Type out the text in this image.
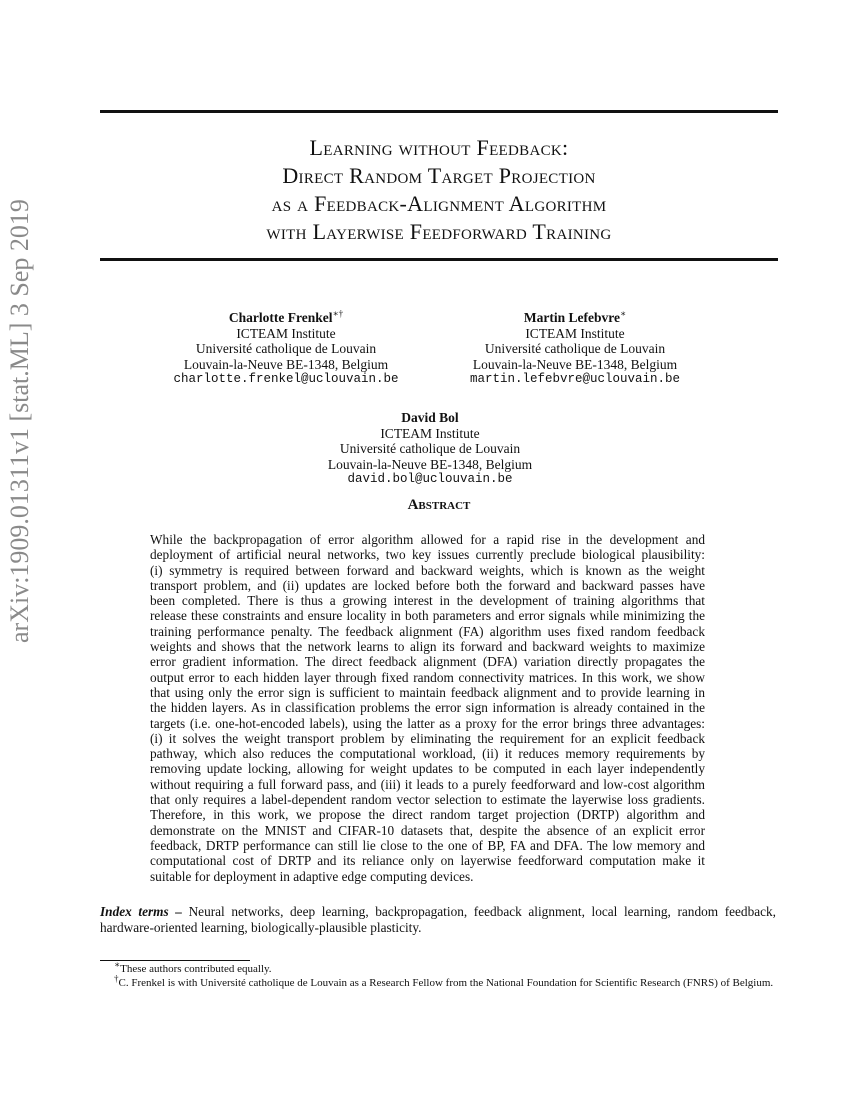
arXiv:1909.01311v1 [stat.ML] 3 Sep 2019
Learning without Feedback:
Direct Random Target Projection
as a Feedback-Alignment Algorithm
with Layerwise Feedforward Training
Charlotte Frenkel∗†
ICTEAM Institute
Université catholique de Louvain
Louvain-la-Neuve BE-1348, Belgium
charlotte.frenkel@uclouvain.be
Martin Lefebvre∗
ICTEAM Institute
Université catholique de Louvain
Louvain-la-Neuve BE-1348, Belgium
martin.lefebvre@uclouvain.be
David Bol
ICTEAM Institute
Université catholique de Louvain
Louvain-la-Neuve BE-1348, Belgium
david.bol@uclouvain.be
Abstract
While the backpropagation of error algorithm allowed for a rapid rise in the development and
deployment of artificial neural networks, two key issues currently preclude biological plausibility:
(i) symmetry is required between forward and backward weights, which is known as the weight
transport problem, and (ii) updates are locked before both the forward and backward passes have
been completed. There is thus a growing interest in the development of training algorithms that
release these constraints and ensure locality in both parameters and error signals while minimizing the
training performance penalty. The feedback alignment (FA) algorithm uses fixed random feedback
weights and shows that the network learns to align its forward and backward weights to maximize
error gradient information. The direct feedback alignment (DFA) variation directly propagates the
output error to each hidden layer through fixed random connectivity matrices. In this work, we show
that using only the error sign is sufficient to maintain feedback alignment and to provide learning in
the hidden layers. As in classification problems the error sign information is already contained in the
targets (i.e. one-hot-encoded labels), using the latter as a proxy for the error brings three advantages:
(i) it solves the weight transport problem by eliminating the requirement for an explicit feedback
pathway, which also reduces the computational workload, (ii) it reduces memory requirements by
removing update locking, allowing for weight updates to be computed in each layer independently
without requiring a full forward pass, and (iii) it leads to a purely feedforward and low-cost algorithm
that only requires a label-dependent random vector selection to estimate the layerwise loss gradients.
Therefore, in this work, we propose the direct random target projection (DRTP) algorithm and
demonstrate on the MNIST and CIFAR-10 datasets that, despite the absence of an explicit error
feedback, DRTP performance can still lie close to the one of BP, FA and DFA. The low memory and
computational cost of DRTP and its reliance only on layerwise feedforward computation make it
suitable for deployment in adaptive edge computing devices.
Index terms – Neural networks, deep learning, backpropagation, feedback alignment, local learning, random feedback, hardware-oriented learning, biologically-plausible plasticity.

∗These authors contributed equally.

†C. Frenkel is with Université catholique de Louvain as a Research Fellow from the National Foundation for Scientific Research (FNRS) of Belgium.
